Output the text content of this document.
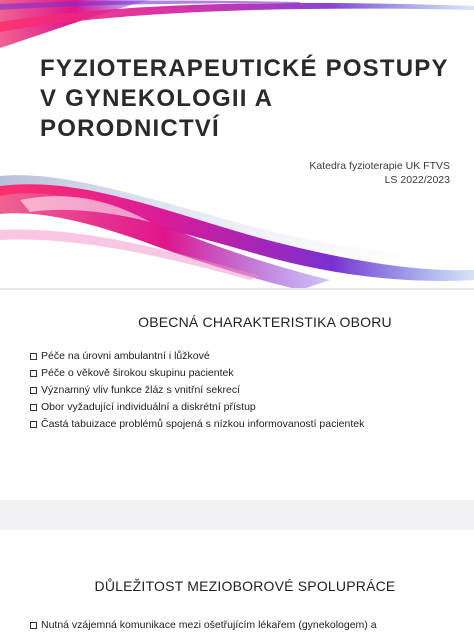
FYZIOTERAPEUTICKÉ POSTUPY
V GYNEKOLOGII A
PORODNICTVÍ
Katedra fyzioterapie UK FTVS
LS 2022/2023
OBECNÁ CHARAKTERISTIKA OBORU
Péče na úrovni ambulantní i lůžkové
Péče o věkově širokou skupinu pacientek
Významný vliv funkce žláz s vnitřní sekrecí
Obor vyžadující individuální a diskrétní přístup
Častá tabuizace problémů spojená s nízkou informovaností pacientek
DŮLEŽITOST MEZIOBOROVÉ SPOLUPRÁCE
Nutná vzájemná komunikace mezi ošetřujícím lékařem (gynekologem) a
